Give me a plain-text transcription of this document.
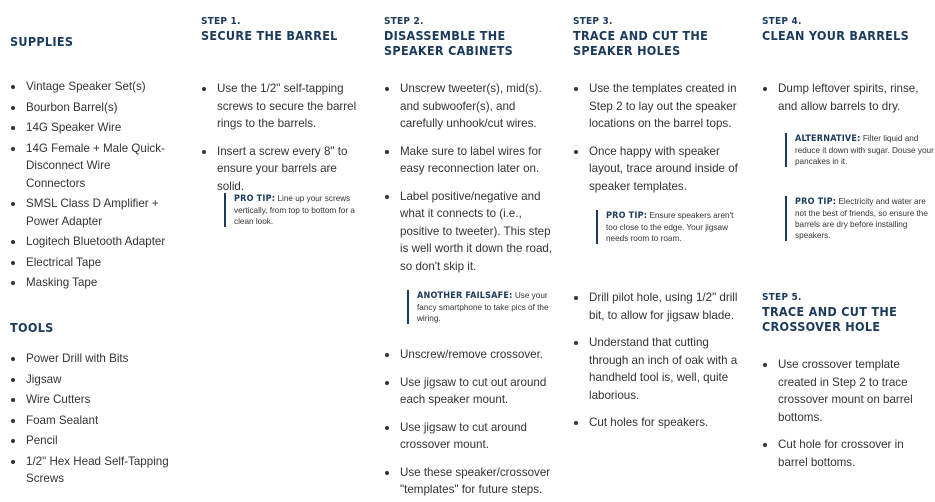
SUPPLIES
Vintage Speaker Set(s)
Bourbon Barrel(s)
14G Speaker Wire
14G Female + Male Quick-Disconnect Wire Connectors
SMSL Class D Amplifier + Power Adapter
Logitech Bluetooth Adapter
Electrical Tape
Masking Tape
TOOLS
Power Drill with Bits
Jigsaw
Wire Cutters
Foam Sealant
Pencil
1/2" Hex Head Self-Tapping Screws
STEP 1.
SECURE THE BARREL
Use the 1/2" self-tapping screws to secure the barrel rings to the barrels.
Insert a screw every 8" to ensure your barrels are solid.
PRO TIP: Line up your screws vertically, from top to bottom for a clean look.
STEP 2.
DISASSEMBLE THE SPEAKER CABINETS
Unscrew tweeter(s), mid(s). and subwoofer(s), and carefully unhook/cut wires.
Make sure to label wires for easy reconnection later on.
Label positive/negative and what it connects to (i.e., positive to tweeter). This step is well worth it down the road, so don't skip it.
ANOTHER FAILSAFE: Use your fancy smartphone to take pics of the wiring.
Unscrew/remove crossover.
Use jigsaw to cut out around each speaker mount.
Use jigsaw to cut around crossover mount.
Use these speaker/crossover "templates" for future steps.
STEP 3.
TRACE AND CUT THE SPEAKER HOLES
Use the templates created in Step 2 to lay out the speaker locations on the barrel tops.
Once happy with speaker layout, trace around inside of speaker templates.
PRO TIP: Ensure speakers aren't too close to the edge. Your jigsaw needs room to roam.
Drill pilot hole, using 1/2" drill bit, to allow for jigsaw blade.
Understand that cutting through an inch of oak with a handheld tool is, well, quite laborious.
Cut holes for speakers.
STEP 4.
CLEAN YOUR BARRELS
Dump leftover spirits, rinse, and allow barrels to dry.
ALTERNATIVE: Filter liquid and reduce it down with sugar. Douse your pancakes in it.
PRO TIP: Electricity and water are not the best of friends, so ensure the barrels are dry before installing speakers.
STEP 5.
TRACE AND CUT THE CROSSOVER HOLE
Use crossover template created in Step 2 to trace crossover mount on barrel bottoms.
Cut hole for crossover in barrel bottoms.
